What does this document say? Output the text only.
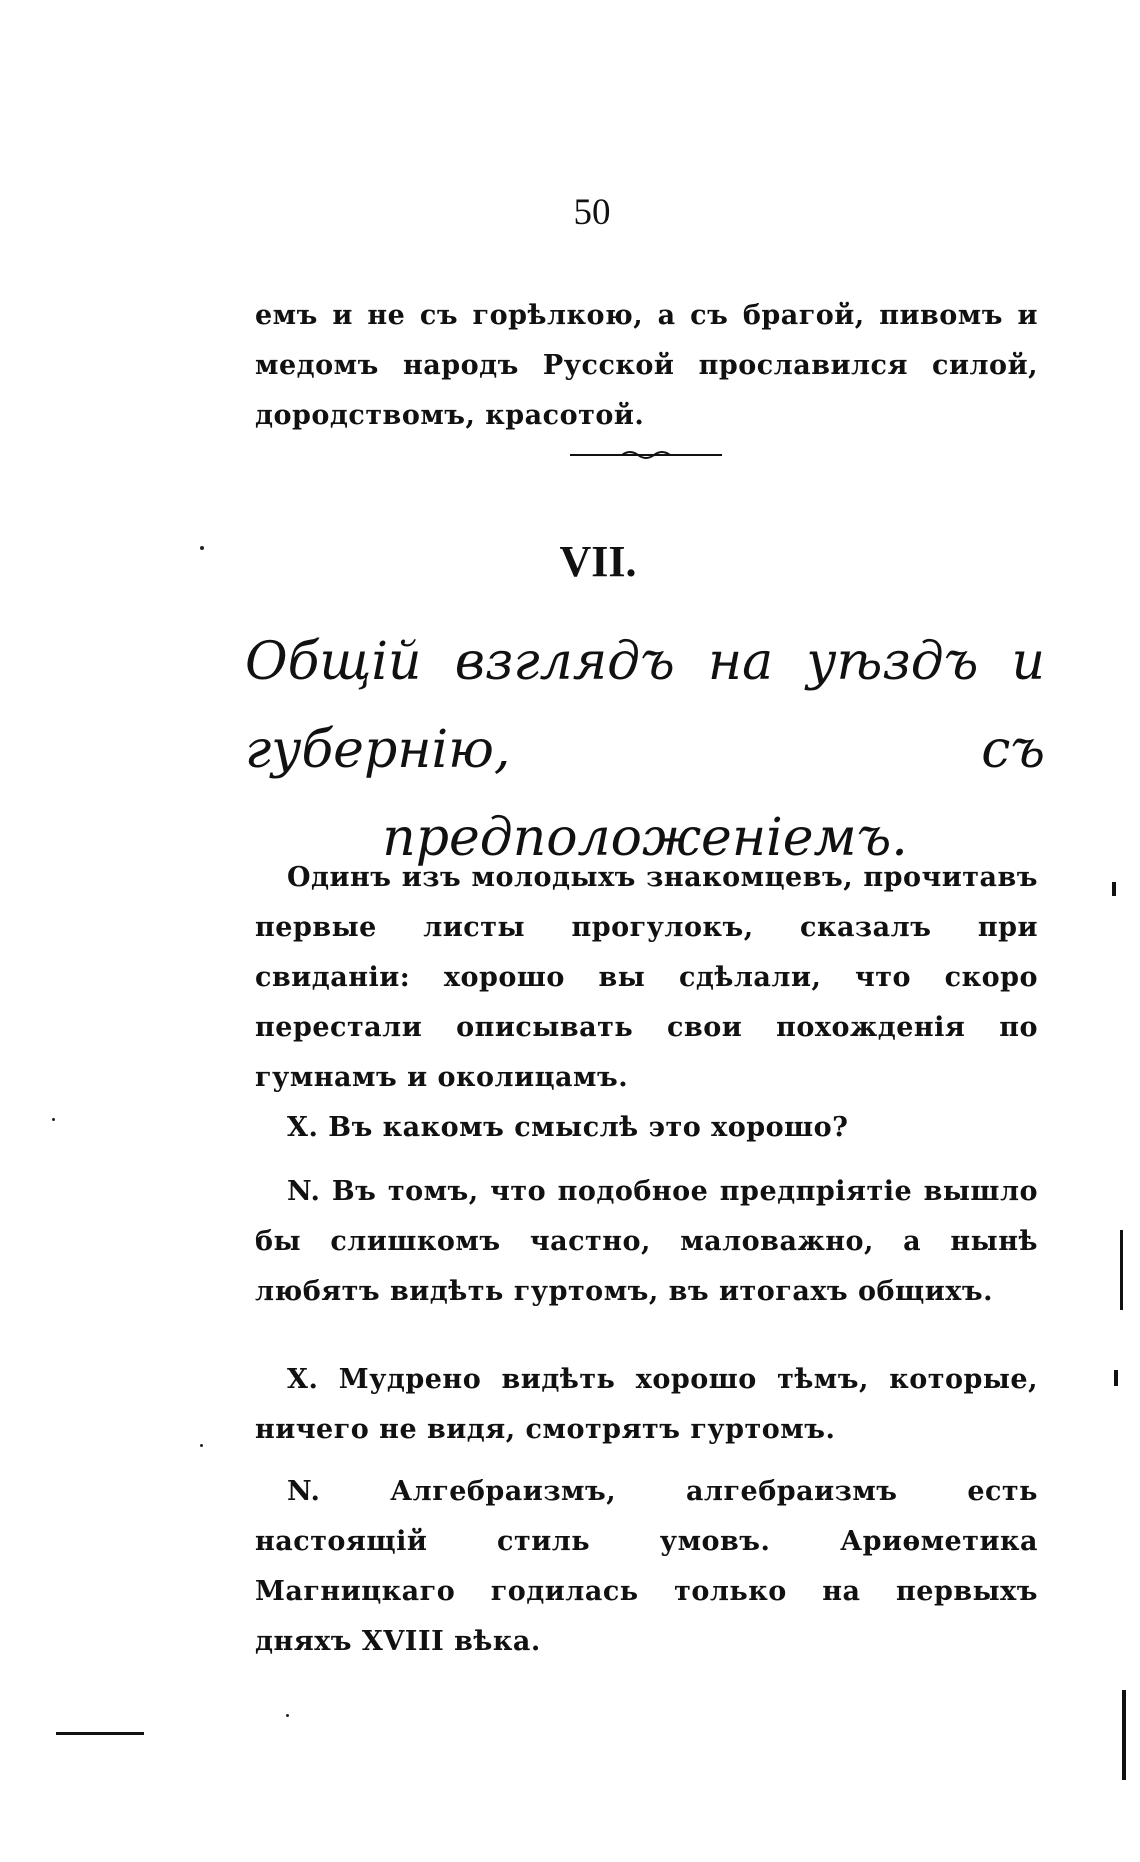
50

емъ и не съ горѣлкою, а съ брагой, пивомъ и медомъ народъ Русской прославился силой, дородствомъ, красотой.

VII.
Общій взглядъ на уѣздъ и губернію, съ предположеніемъ.

Одинъ изъ молодыхъ знакомцевъ, прочитавъ первые листы прогулокъ, сказалъ при свиданіи: хорошо вы сдѣлали, что скоро перестали описывать свои похожденія по гумнамъ и околицамъ.

X. Въ какомъ смыслѣ это хорошо?

N. Въ томъ, что подобное предпріятіе вышло бы слишкомъ частно, маловажно, а нынѣ любятъ видѣть гуртомъ, въ итогахъ общихъ.

X. Мудрено видѣть хорошо тѣмъ, которые, ничего не видя, смотрятъ гуртомъ.

N. Алгебраизмъ, алгебраизмъ есть настоящій стиль умовъ. Ариѳметика Магницкаго годилась только на первыхъ дняхъ XVIII вѣка.
